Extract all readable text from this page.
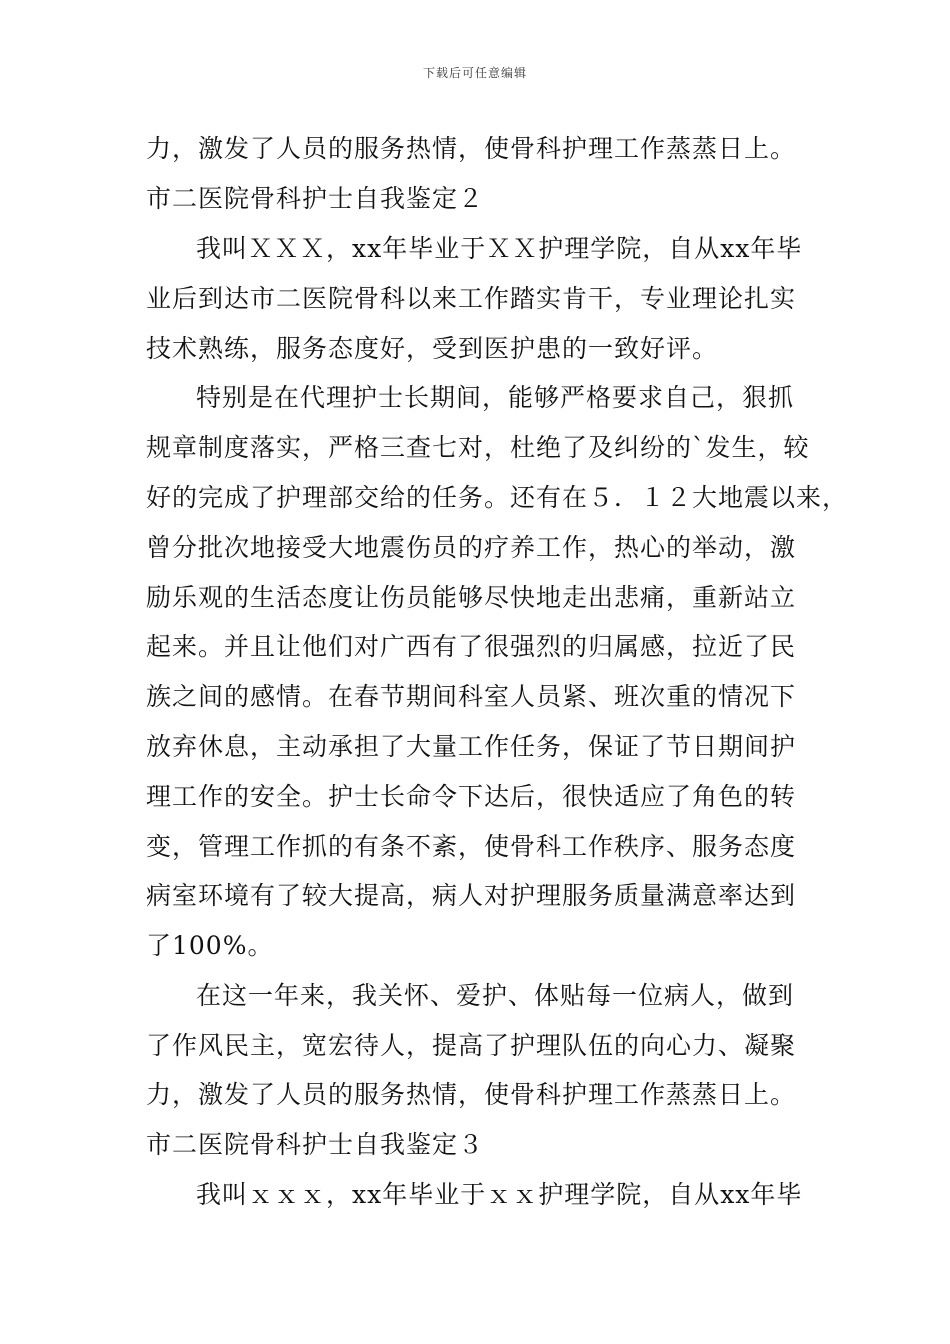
下载后可任意编辑
力，激发了人员的服务热情，使骨科护理工作蒸蒸日上。
市二医院骨科护士自我鉴定２
我叫ＸＸＸ，xx年毕业于ＸＸ护理学院，自从xx年毕
业后到达市二医院骨科以来工作踏实肯干，专业理论扎实
技术熟练，服务态度好，受到医护患的一致好评。
特别是在代理护士长期间，能够严格要求自己，狠抓
规章制度落实，严格三查七对，杜绝了及纠纷的`发生，较
好的完成了护理部交给的任务。还有在５．１２大地震以来，
曾分批次地接受大地震伤员的疗养工作，热心的举动，激
励乐观的生活态度让伤员能够尽快地走出悲痛，重新站立
起来。并且让他们对广西有了很强烈的归属感，拉近了民
族之间的感情。在春节期间科室人员紧、班次重的情况下
放弃休息，主动承担了大量工作任务，保证了节日期间护
理工作的安全。护士长命令下达后，很快适应了角色的转
变，管理工作抓的有条不紊，使骨科工作秩序、服务态度
病室环境有了较大提高，病人对护理服务质量满意率达到
了100%。
在这一年来，我关怀、爱护、体贴每一位病人，做到
了作风民主，宽宏待人，提高了护理队伍的向心力、凝聚
力，激发了人员的服务热情，使骨科护理工作蒸蒸日上。
市二医院骨科护士自我鉴定３
我叫ｘｘｘ，xx年毕业于ｘｘ护理学院，自从xx年毕
